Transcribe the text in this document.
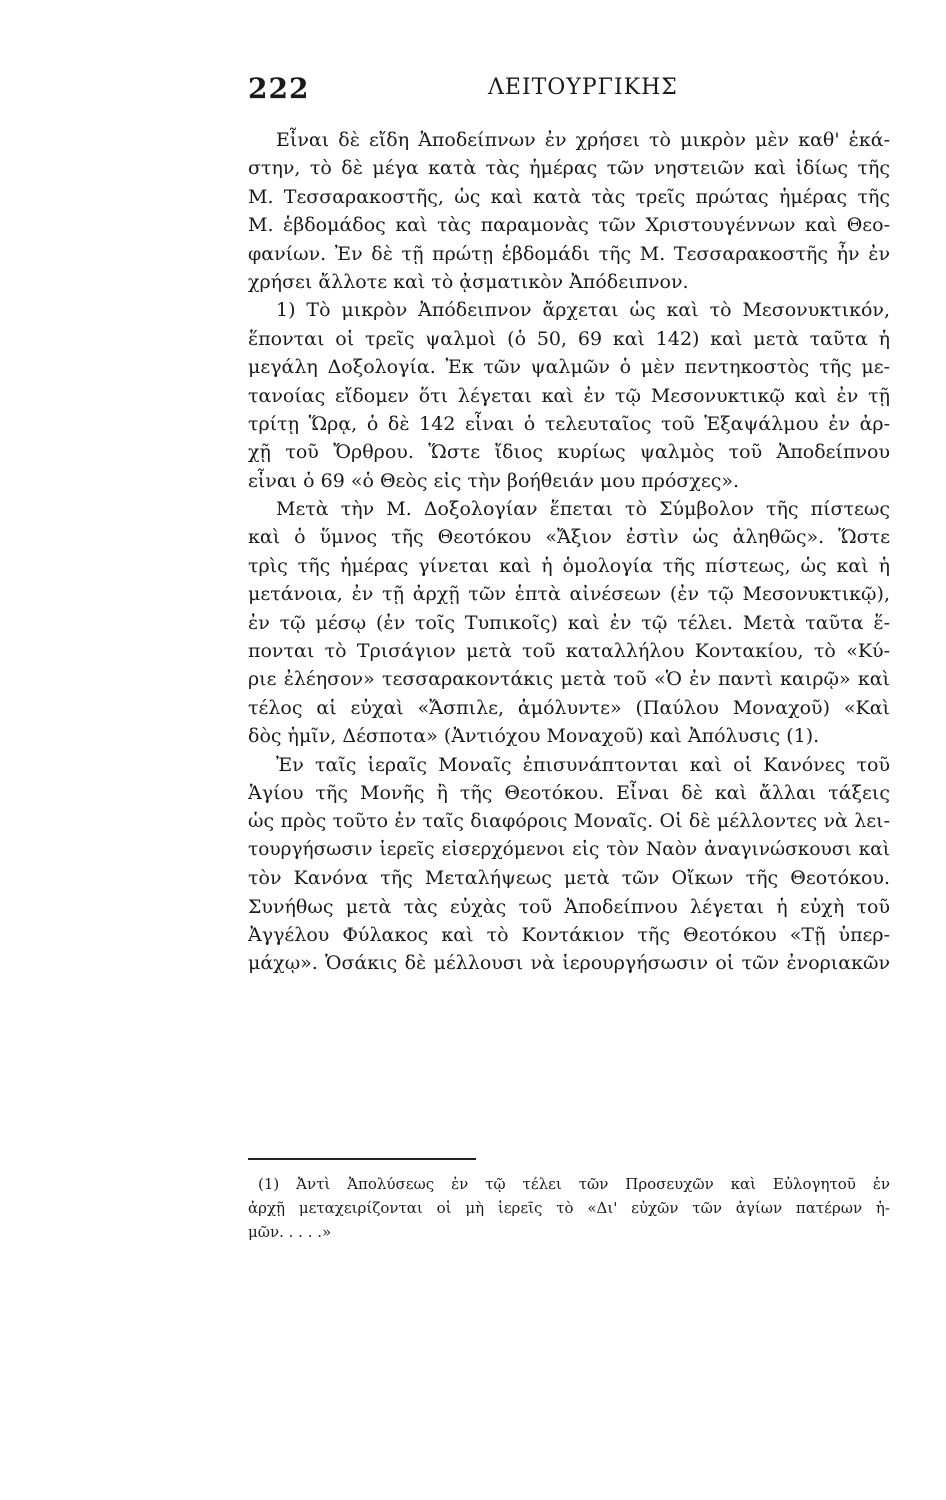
222	ΛΕΙΤΟΥΡΓΙΚΗΣ
Εἶναι δὲ εἴδη Ἀποδείπνων ἐν χρήσει τὸ μικρὸν μὲν καθ' ἑκά-
στην, τὸ δὲ μέγα κατὰ τὰς ἡμέρας τῶν νηστειῶν καὶ ἰδίως τῆς
Μ. Τεσσαρακοστῆς, ὡς καὶ κατὰ τὰς τρεῖς πρώτας ἡμέρας τῆς
Μ. ἑβδομάδος καὶ τὰς παραμονὰς τῶν Χριστουγέννων καὶ Θεο-
φανίων. Ἐν δὲ τῇ πρώτῃ ἑβδομάδι τῆς Μ. Τεσσαρακοστῆς ἦν ἐν
χρήσει ἄλλοτε καὶ τὸ ᾀσματικὸν Ἀπόδειπνον.
1) Τὸ μικρὸν Ἀπόδειπνον ἄρχεται ὡς καὶ τὸ Μεσονυκτικόν,
ἕπονται οἱ τρεῖς ψαλμοὶ (ὁ 50, 69 καὶ 142) καὶ μετὰ ταῦτα ἡ
μεγάλη Δοξολογία. Ἐκ τῶν ψαλμῶν ὁ μὲν πεντηκοστὸς τῆς με-
τανοίας εἴδομεν ὅτι λέγεται καὶ ἐν τῷ Μεσονυκτικῷ καὶ ἐν τῇ
τρίτῃ Ὥρᾳ, ὁ δὲ 142 εἶναι ὁ τελευταῖος τοῦ Ἑξαψάλμου ἐν ἀρ-
χῇ τοῦ Ὄρθρου. Ὥστε ἴδιος κυρίως ψαλμὸς τοῦ Ἀποδείπνου
εἶναι ὁ 69 «ὁ Θεὸς εἰς τὴν βοήθειάν μου πρόσχες».
Μετὰ τὴν Μ. Δοξολογίαν ἕπεται τὸ Σύμβολον τῆς πίστεως
καὶ ὁ ὕμνος τῆς Θεοτόκου «Ἄξιον ἐστὶν ὡς ἀληθῶς». Ὥστε
τρὶς τῆς ἡμέρας γίνεται καὶ ἡ ὁμολογία τῆς πίστεως, ὡς καὶ ἡ
μετάνοια, ἐν τῇ ἀρχῇ τῶν ἑπτὰ αἰνέσεων (ἐν τῷ Μεσονυκτικῷ),
ἐν τῷ μέσῳ (ἐν τοῖς Τυπικοῖς) καὶ ἐν τῷ τέλει. Μετὰ ταῦτα ἕ-
πονται τὸ Τρισάγιον μετὰ τοῦ καταλλήλου Κοντακίου, τὸ «Κύ-
ριε ἐλέησον» τεσσαρακοντάκις μετὰ τοῦ «Ὁ ἐν παντὶ καιρῷ» καὶ
τέλος αἱ εὐχαὶ «Ἄσπιλε, ἀμόλυντε» (Παύλου Μοναχοῦ) «Καὶ
δὸς ἡμῖν, Δέσποτα» (Ἀντιόχου Μοναχοῦ) καὶ Ἀπόλυσις (1).
Ἐν ταῖς ἱεραῖς Μοναῖς ἐπισυνάπτονται καὶ οἱ Κανόνες τοῦ
Ἁγίου τῆς Μονῆς ἢ τῆς Θεοτόκου. Εἶναι δὲ καὶ ἄλλαι τάξεις
ὡς πρὸς τοῦτο ἐν ταῖς διαφόροις Μοναῖς. Οἱ δὲ μέλλοντες νὰ λει-
τουργήσωσιν ἱερεῖς εἰσερχόμενοι εἰς τὸν Ναὸν ἀναγινώσκουσι καὶ
τὸν Κανόνα τῆς Μεταλήψεως μετὰ τῶν Οἴκων τῆς Θεοτόκου.
Συνήθως μετὰ τὰς εὐχὰς τοῦ Ἀποδείπνου λέγεται ἡ εὐχὴ τοῦ
Ἀγγέλου Φύλακος καὶ τὸ Κοντάκιον τῆς Θεοτόκου «Τῇ ὑπερ-
μάχῳ». Ὁσάκις δὲ μέλλουσι νὰ ἱερουργήσωσιν οἱ τῶν ἐνοριακῶν
(1) Ἀντὶ Ἀπολύσεως ἐν τῷ τέλει τῶν Προσευχῶν καὶ Εὐλογητοῦ ἐν
ἀρχῇ μεταχειρίζονται οἱ μὴ ἱερεῖς τὸ «Δι' εὐχῶν τῶν ἁγίων πατέρων ἡ-
μῶν. . . . .»
